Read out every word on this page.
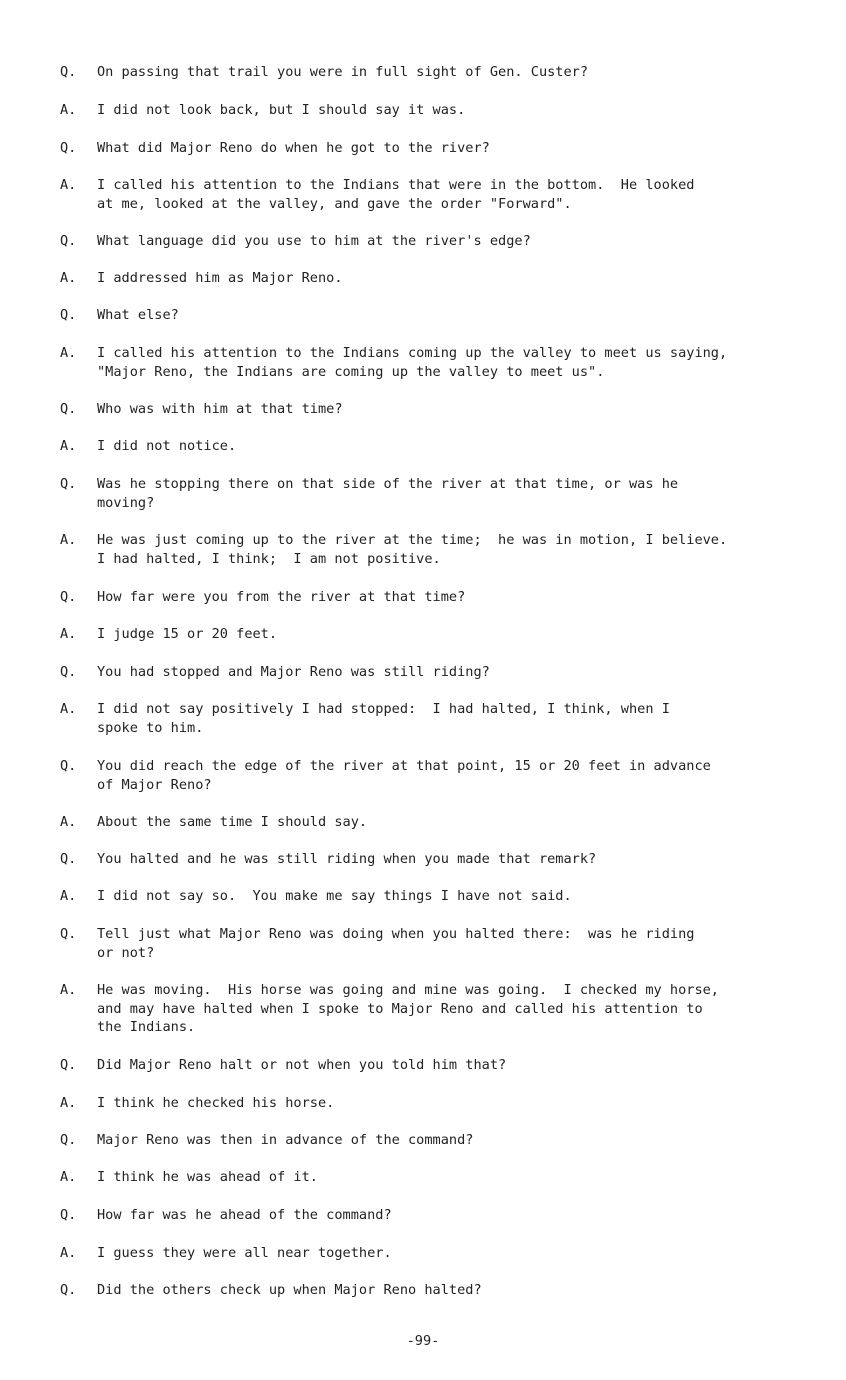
Q.	On passing that trail you were in full sight of Gen. Custer?
A.	I did not look back, but I should say it was.
Q.	What did Major Reno do when he got to the river?
A.	I called his attention to the Indians that were in the bottom.  He looked
at me, looked at the valley, and gave the order "Forward".
Q.	What language did you use to him at the river's edge?
A.	I addressed him as Major Reno.
Q.	What else?
A.	I called his attention to the Indians coming up the valley to meet us saying,
"Major Reno, the Indians are coming up the valley to meet us".
Q.	Who was with him at that time?
A.	I did not notice.
Q.	Was he stopping there on that side of the river at that time, or was he
moving?
A.	He was just coming up to the river at the time;  he was in motion, I believe.
I had halted, I think;  I am not positive.
Q.	How far were you from the river at that time?
A.	I judge 15 or 20 feet.
Q.	You had stopped and Major Reno was still riding?
A.	I did not say positively I had stopped:  I had halted, I think, when I
spoke to him.
Q.	You did reach the edge of the river at that point, 15 or 20 feet in advance
of Major Reno?
A.	About the same time I should say.
Q.	You halted and he was still riding when you made that remark?
A.	I did not say so.  You make me say things I have not said.
Q.	Tell just what Major Reno was doing when you halted there:  was he riding
or not?
A.	He was moving.  His horse was going and mine was going.  I checked my horse,
and may have halted when I spoke to Major Reno and called his attention to
the Indians.
Q.	Did Major Reno halt or not when you told him that?
A.	I think he checked his horse.
Q.	Major Reno was then in advance of the command?
A.	I think he was ahead of it.
Q.	How far was he ahead of the command?
A.	I guess they were all near together.
Q.	Did the others check up when Major Reno halted?
-99-
